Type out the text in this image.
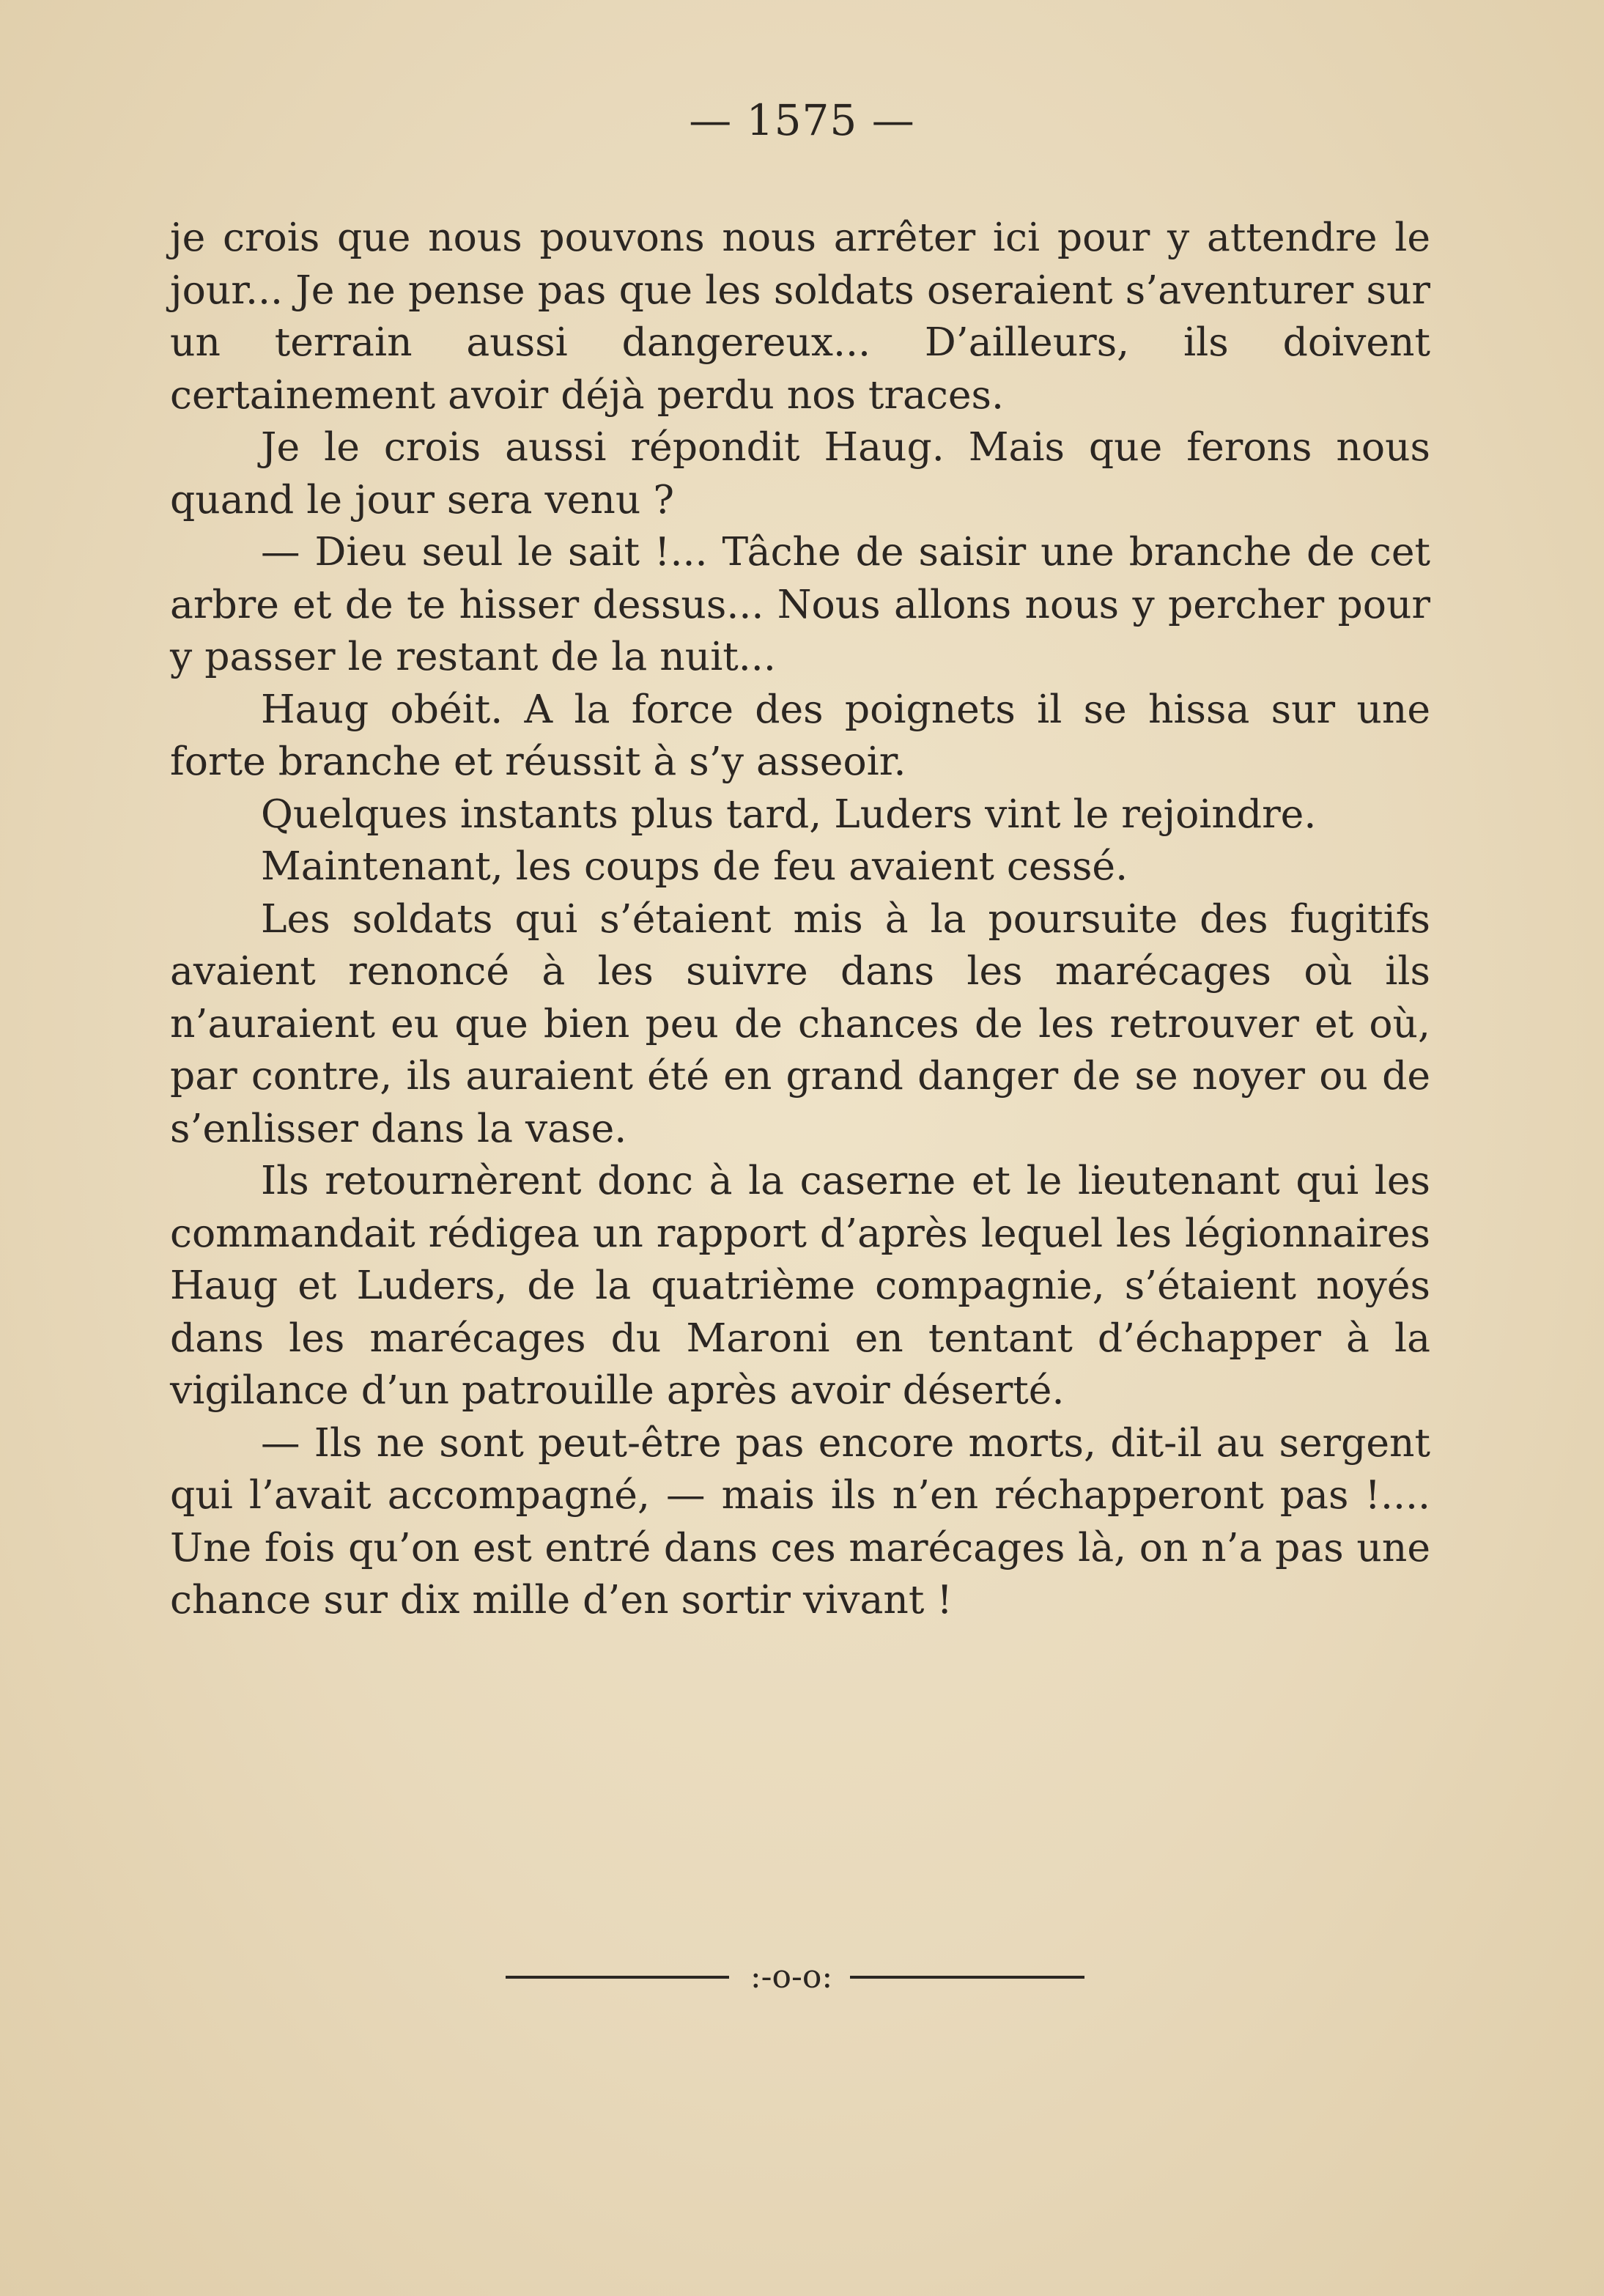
— 1575 —

je crois que nous pouvons nous arrêter ici pour y attendre le jour... Je ne pense pas que les soldats oseraient s’aventurer sur un terrain aussi dangereux... D’ailleurs, ils doivent certainement avoir déjà perdu nos traces.

Je le crois aussi répondit Haug. Mais que ferons nous quand le jour sera venu ?

— Dieu seul le sait !... Tâche de saisir une branche de cet arbre et de te hisser dessus... Nous allons nous y percher pour y passer le restant de la nuit...

Haug obéit. A la force des poignets il se hissa sur une forte branche et réussit à s’y asseoir.

Quelques instants plus tard, Luders vint le rejoindre.

Maintenant, les coups de feu avaient cessé.

Les soldats qui s’étaient mis à la poursuite des fugitifs avaient renoncé à les suivre dans les marécages où ils n’auraient eu que bien peu de chances de les retrouver et où, par contre, ils auraient été en grand danger de se noyer ou de s’enlisser dans la vase.

Ils retournèrent donc à la caserne et le lieutenant qui les commandait rédigea un rapport d’après lequel les légionnaires Haug et Luders, de la quatrième compagnie, s’étaient noyés dans les marécages du Maroni en tentant d’échapper à la vigilance d’un patrouille après avoir déserté.

— Ils ne sont peut-être pas encore morts, dit-il au sergent qui l’avait accompagné, — mais ils n’en réchapperont pas !.... Une fois qu’on est entré dans ces marécages là, on n’a pas une chance sur dix mille d’en sortir vivant !

:-o-o:
